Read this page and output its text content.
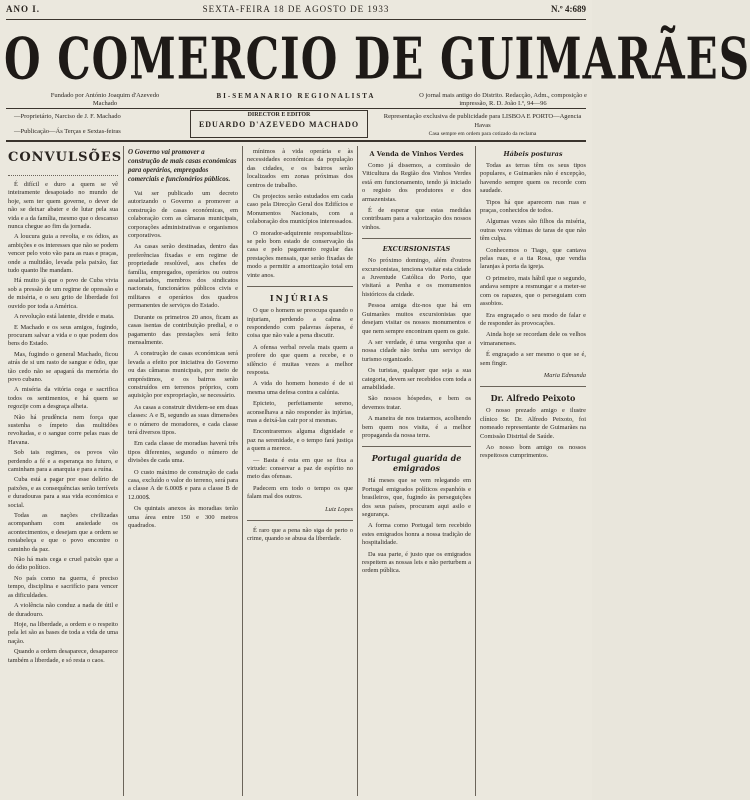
ANO I.	SEXTA-FEIRA 18 DE AGOSTO DE 1933	N.º 4:689
O COMERCIO DE GUIMARÃES
Fundado por António Joaquim d'Azevedo Machado
BI-SEMANARIO REGIONALISTA	O jornal mais antigo do Distrito. Redacção, Adm., composição e impressão, R. D. João I.º, 94—96
—Proprietário, Narciso de J. F. Machado
—Publicação—Ás Terças e Sextas-feiras
DIRECTOR E EDITOR
EDUARDO D'AZEVEDO MACHADO
Representação exclusiva de publicidade para LISBOA E PORTO—Agencia Havas
Casa sempre em ordem para cotizado da reclama
CONVULSÕES

É difícil e duro a quem se vê inteiramente desapoiado no mundo de hoje, sem ter quem governe, o dever de não se deixar abater e de lutar pela sua vida e a da família, mesmo que o descanso nunca chegue ao fim da jornada.

A loucura guia a revolta, e os ódios, as ambições e os interesses que não se podem vencer pelo voto vão para as ruas e praças, onde a multidão, levada pela paixão, faz tudo quanto lhe mandam.

Há muito já que o povo de Cuba vivia sob a pressão de um regime de opressão e de miséria, e o seu grito de liberdade foi ouvido por toda a América.

A revolução está latente, divide e mata.

E Machado e os seus amigos, fugindo, procuram salvar a vida e o que podem dos bens do Estado.

Mas, fugindo o general Machado, ficou atrás de si um rasto de sangue e ódio, que tão cedo não se apagará da memória do povo cubano.

A miséria da vitória cega e sacrifica todos os sentimentos, e há quem se regozije com a desgraça alheia.

Não há prudência nem força que sustenha o ímpeto das multidões revoltadas, e o sangue corre pelas ruas de Havana.

Sob tais regimes, os povos vão perdendo a fé e a esperança no futuro, e caminham para a anarquia e para a ruína.

Cuba está a pagar por esse delírio de paixões, e as consequências serão terríveis e duradouras para a sua vida económica e social.

Todas as nações civilizadas acompanham com ansiedade os acontecimentos, e desejam que a ordem se restabeleça e que o povo encontre o caminho da paz.

Não há mais cega e cruel paixão que a do ódio político.

No país como na guerra, é preciso tempo, disciplina e sacrifício para vencer as dificuldades.

A violência não conduz a nada de útil e de duradouro.

Hoje, na liberdade, a ordem e o respeito pela lei são as bases de toda a vida de uma nação.

Quando a ordem desaparece, desaparece também a liberdade, e só resta o caos.

O Governo vai promover a construção de mais casas económicas para operários, empregados comerciais e funcionários públicos.

Vai ser publicado um decreto autorizando o Governo a promover a construção de casas económicas, em colaboração com as câmaras municipais, corporações administrativas e organismos corporativos.

As casas serão destinadas, dentro das preferências fixadas e em regime de propriedade resolúvel, aos chefes de família, empregados, operários ou outros assalariados, membros dos sindicatos nacionais, funcionários públicos civis e militares e operários dos quadros permanentes de serviços do Estado.

Durante os primeiros 20 anos, ficam as casas isentas de contribuição predial, e o pagamento das prestações será feito mensalmente.

A construção de casas económicas será levada a efeito por iniciativa do Governo ou das câmaras municipais, por meio de empréstimos, e os bairros serão construídos em terrenos próprios, com aquisição por expropriação, se necessário.

As casas a construir dividem-se em duas classes: A e B, segundo as suas dimensões e o número de moradores, e cada classe terá diversos tipos.

Em cada classe de moradias haverá três tipos diferentes, segundo o número de divisões de cada uma.

O custo máximo de construção de cada casa, excluído o valor do terreno, será para a classe A de 6.000$ e para a classe B de 12.000$.

Os quintais anexos às moradias terão uma área entre 150 e 300 metros quadrados.

mínimos à vida operária e às necessidades económicas da população das cidades, e os bairros serão localizados em zonas próximas dos centros de trabalho.

Os projectos serão estudados em cada caso pela Direcção Geral dos Edifícios e Monumentos Nacionais, com a colaboração dos municípios interessados.

O morador-adquirente responsabiliza-se pelo bom estado de conservação da casa e pelo pagamento regular das prestações mensais, que serão fixadas de modo a permitir a amortização total em vinte anos.

INJÚRIAS

O que o homem se preocupa quando o injuriam, perdendo a calma e respondendo com palavras ásperas, é coisa que não vale a pena discutir.

A ofensa verbal revela mais quem a profere do que quem a recebe, e o silêncio é muitas vezes a melhor resposta.

A vida do homem honesto é de si mesma uma defesa contra a calúnia.

Epicteto, perfeitamente sereno, aconselhava a não responder às injúrias, mas a deixá-las cair por si mesmas.

Encontraremos alguma dignidade e paz na serenidade, e o tempo fará justiça a quem a merece.

— Basta é esta em que se fixa a virtude: conservar a paz de espírito no meio das ofensas.

Padecem em todo o tempo os que falam mal dos outros.

Luiz Lopes
É raro que a pena não siga de perto o crime, quando se abusa da liberdade.
A Venda de Vinhos Verdes

Como já dissemos, a comissão de Viticultura da Região dos Vinhos Verdes está em funcionamento, tendo já iniciado o registo dos produtores e dos armazenistas.

É de esperar que estas medidas contribuam para a valorização dos nossos vinhos.

EXCURSIONISTAS

No próximo domingo, além d'outros excursionistas, tenciona visitar esta cidade a Juventude Católica do Porto, que visitará a Penha e os monumentos históricos da cidade.

Pessoa amiga diz-nos que há em Guimarães muitos excursionistas que desejam visitar os nossos monumentos e que nem sempre encontram quem os guie.

A ser verdade, é uma vergonha que a nossa cidade não tenha um serviço de turismo organizado.

Os turistas, qualquer que seja a sua categoria, devem ser recebidos com toda a amabilidade.

São nossos hóspedes, e bem os devemos tratar.

A maneira de nos tratarmos, acolhendo bem quem nos visita, é a melhor propaganda da nossa terra.

Portugal guarida de emigrados

Há meses que se vem relegando em Portugal emigrados políticos espanhóis e brasileiros, que, fugindo às perseguições dos seus países, procuram aqui asilo e segurança.

A forma como Portugal tem recebido estes emigrados honra a nossa tradição de hospitalidade.

Da sua parte, é justo que os emigrados respeitem as nossas leis e não perturbem a ordem pública.

Hábeis posturas

Todas as terras têm os seus tipos populares, e Guimarães não é excepção, havendo sempre quem os recorde com saudade.

Tipos há que aparecem nas ruas e praças, conhecidos de todos.

Algumas vezes são filhos da miséria, outras vezes vítimas de taras de que não têm culpa.

Conhecemos o Tiago, que cantava pelas ruas, e a tia Rosa, que vendia laranjas à porta da igreja.

O primeiro, mais hábil que o segundo, andava sempre a resmungar e a meter-se com os rapazes, que o perseguiam com assobios.

Era engraçado o seu modo de falar e de responder às provocações.

Ainda hoje se recordam dele os velhos vimaranenses.

É engraçado a ser mesmo o que se é, sem fingir.

Maria Edmunda
Dr. Alfredo Peixoto

O nosso prezado amigo e ilustre clínico Sr. Dr. Alfredo Peixoto, foi nomeado representante de Guimarães na Comissão Distrital de Saúde.

Ao nosso bom amigo os nossos respeitosos cumprimentos.
